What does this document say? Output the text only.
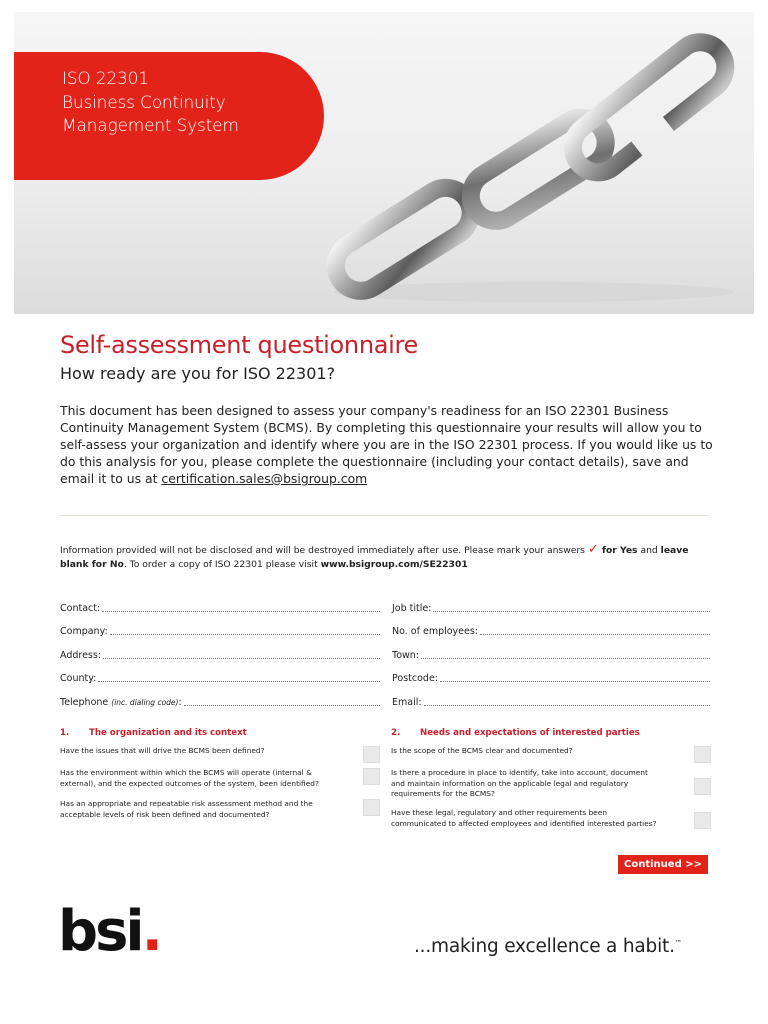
ISO 22301
Business Continuity
Management System
Self-assessment questionnaire
How ready are you for ISO 22301?
This document has been designed to assess your company's readiness for an ISO 22301 Business Continuity Management System (BCMS). By completing this questionnaire your results will allow you to self-assess your organization and identify where you are in the ISO 22301 process. If you would like us to do this analysis for you, please complete the questionnaire (including your contact details), save and email it to us at certification.sales@bsigroup.com
Information provided will not be disclosed and will be destroyed immediately after use. Please mark your answers ✓ for Yes and leave blank for No. To order a copy of ISO 22301 please visit www.bsigroup.com/SE22301
Contact:
Company:
Address:
County:
Telephone (inc. dialing code):
Job title:
No. of employees:
Town:
Postcode:
Email:
1.	The organization and its context
Have the issues that will drive the BCMS been defined?
Has the environment within which the BCMS will operate (internal & external), and the expected outcomes of the system, been identified?
Has an appropriate and repeatable risk assessment method and the acceptable levels of risk been defined and documented?
2.	Needs and expectations of interested parties
Is the scope of the BCMS clear and documented?
Is there a procedure in place to identify, take into account, document and maintain information on the applicable legal and regulatory requirements for the BCMS?
Have these legal, regulatory and other requirements been communicated to affected employees and identified interested parties?
Continued >>
bsi.	...making excellence a habit.™
